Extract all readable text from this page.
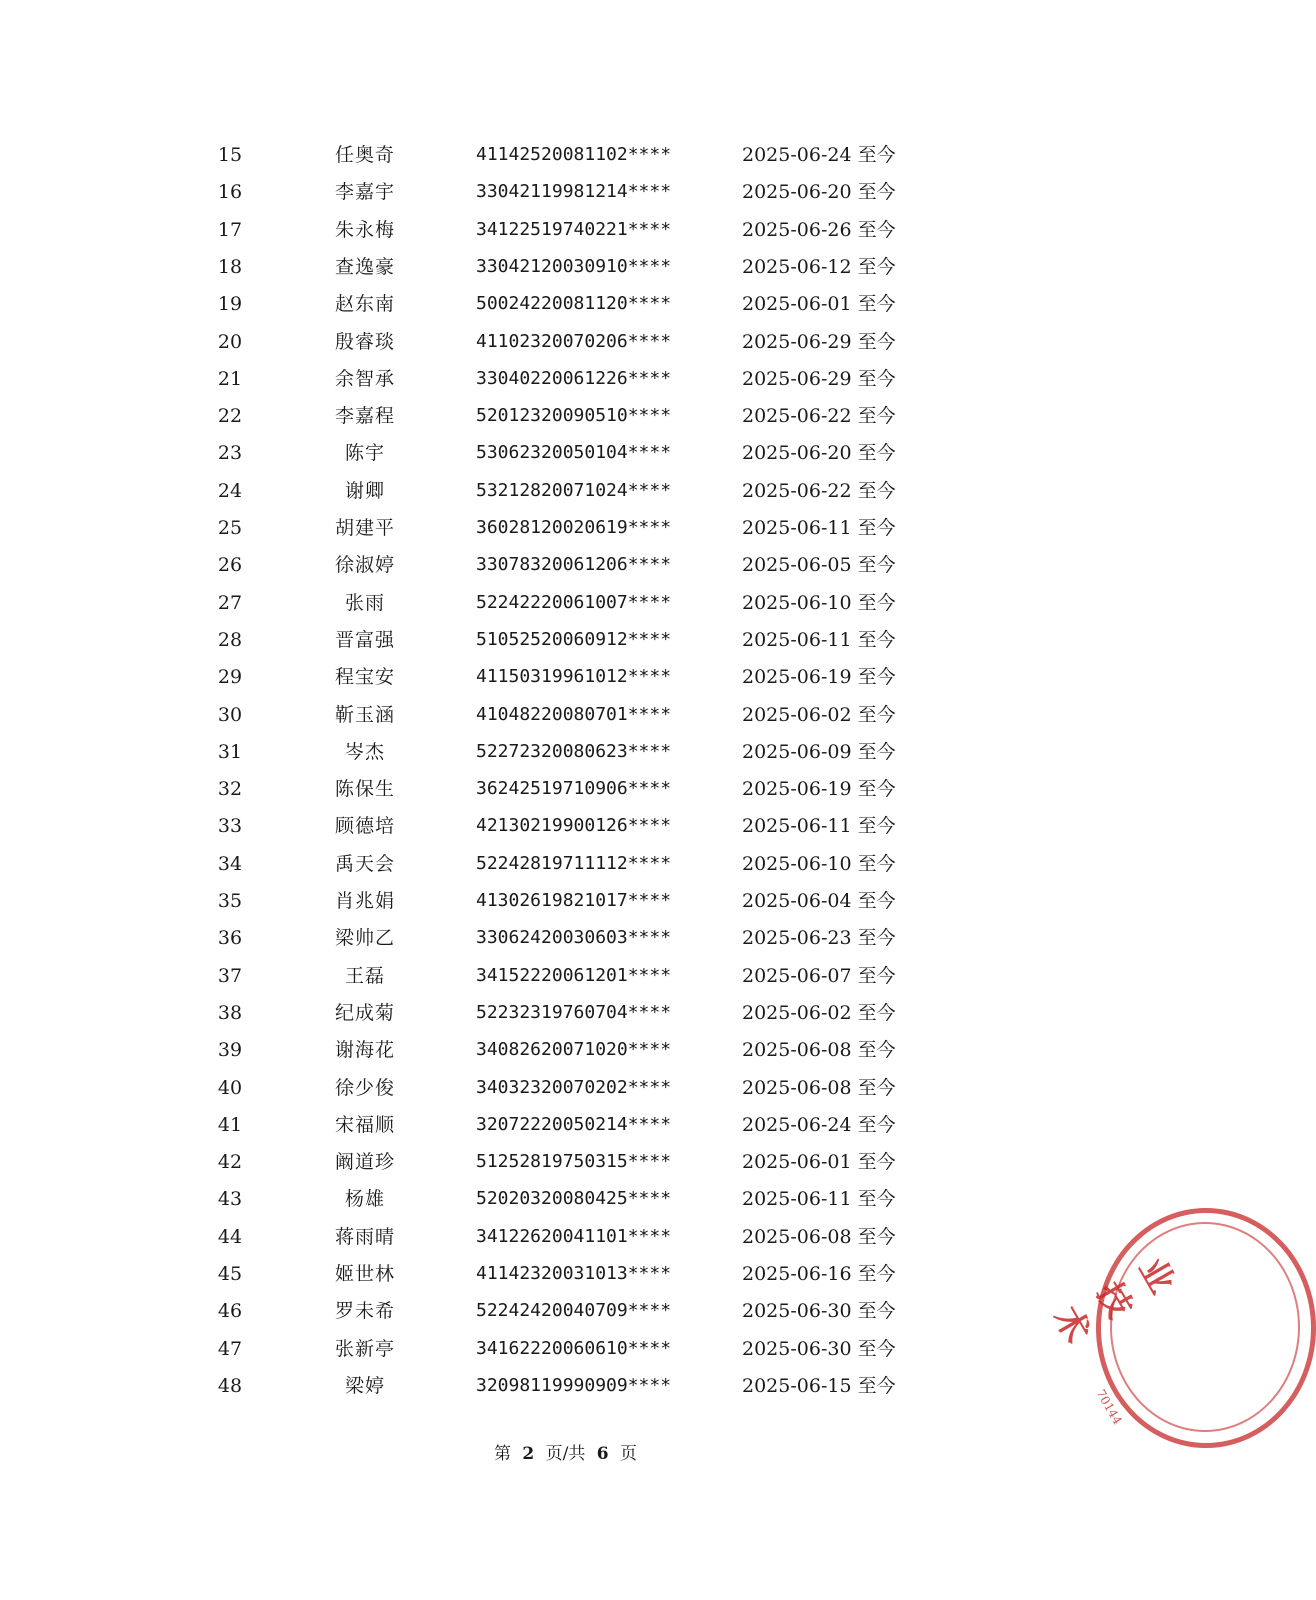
15	任奥奇	41142520081102****	2025-06-24 至今
16	李嘉宇	33042119981214****	2025-06-20 至今
17	朱永梅	34122519740221****	2025-06-26 至今
18	查逸豪	33042120030910****	2025-06-12 至今
19	赵东南	50024220081120****	2025-06-01 至今
20	殷睿琰	41102320070206****	2025-06-29 至今
21	余智承	33040220061226****	2025-06-29 至今
22	李嘉程	52012320090510****	2025-06-22 至今
23	陈宇	53062320050104****	2025-06-20 至今
24	谢卿	53212820071024****	2025-06-22 至今
25	胡建平	36028120020619****	2025-06-11 至今
26	徐淑婷	33078320061206****	2025-06-05 至今
27	张雨	52242220061007****	2025-06-10 至今
28	晋富强	51052520060912****	2025-06-11 至今
29	程宝安	41150319961012****	2025-06-19 至今
30	靳玉涵	41048220080701****	2025-06-02 至今
31	岑杰	52272320080623****	2025-06-09 至今
32	陈保生	36242519710906****	2025-06-19 至今
33	顾德培	42130219900126****	2025-06-11 至今
34	禹天会	52242819711112****	2025-06-10 至今
35	肖兆娟	41302619821017****	2025-06-04 至今
36	梁帅乙	33062420030603****	2025-06-23 至今
37	王磊	34152220061201****	2025-06-07 至今
38	纪成菊	52232319760704****	2025-06-02 至今
39	谢海花	34082620071020****	2025-06-08 至今
40	徐少俊	34032320070202****	2025-06-08 至今
41	宋福顺	32072220050214****	2025-06-24 至今
42	阚道珍	51252819750315****	2025-06-01 至今
43	杨雄	52020320080425****	2025-06-11 至今
44	蒋雨晴	34122620041101****	2025-06-08 至今
45	姬世林	41142320031013****	2025-06-16 至今
46	罗未希	52242420040709****	2025-06-30 至今
47	张新亭	34162220060610****	2025-06-30 至今
48	梁婷	32098119990909****	2025-06-15 至今
第 2 页/共 6 页
业技术
70144
